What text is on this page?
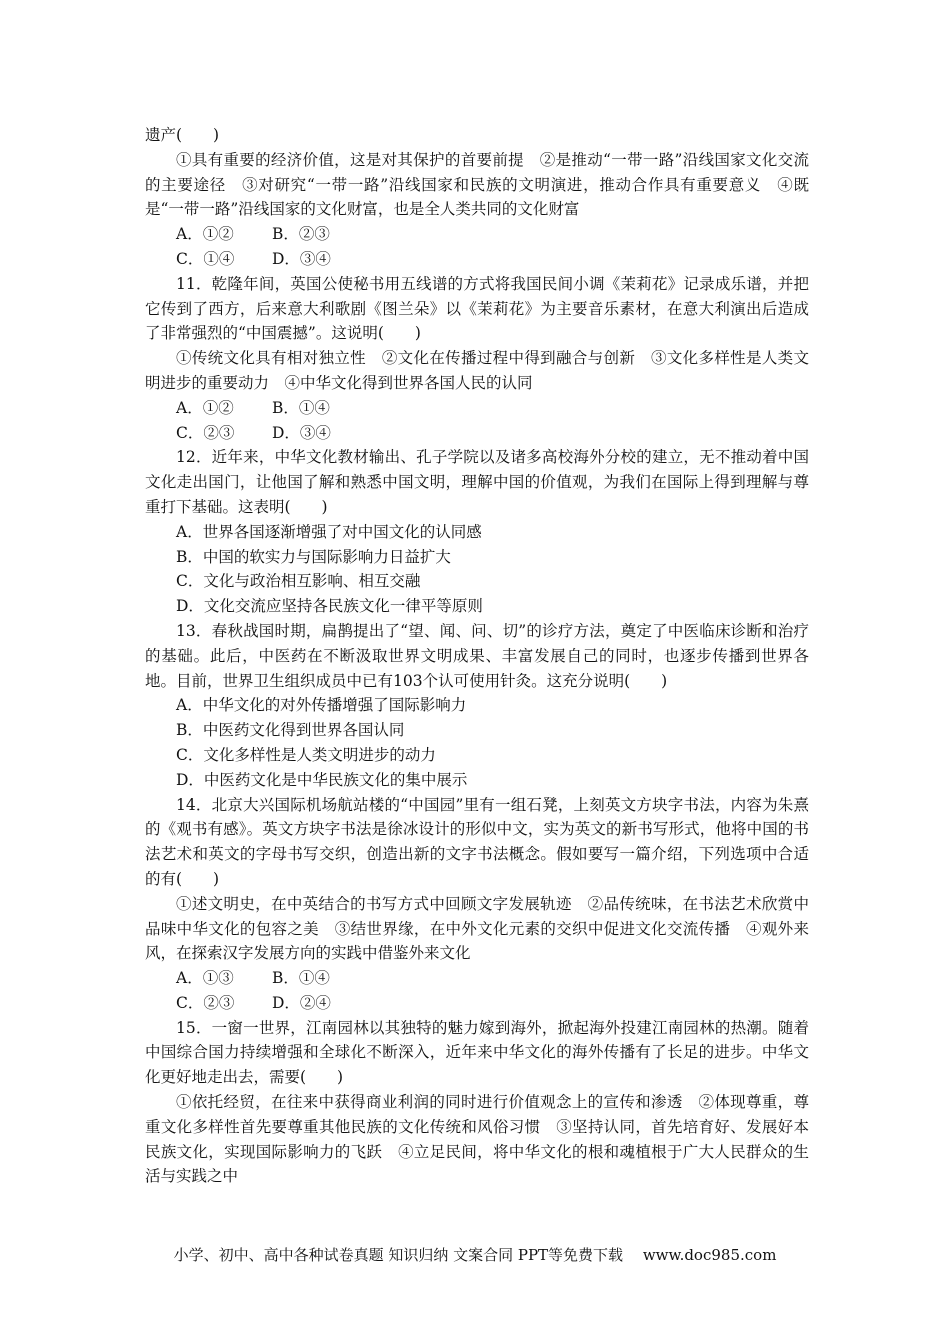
遗产(　　)

①具有重要的经济价值，这是对其保护的首要前提　②是推动“一带一路”沿线国家文化交流的主要途径　③对研究“一带一路”沿线国家和民族的文明演进，推动合作具有重要意义　④既是“一带一路”沿线国家的文化财富，也是全人类共同的文化财富

A．①②	B．②③
C．①④	D．③④

11．乾隆年间，英国公使秘书用五线谱的方式将我国民间小调《茉莉花》记录成乐谱，并把它传到了西方，后来意大利歌剧《图兰朵》以《茉莉花》为主要音乐素材，在意大利演出后造成了非常强烈的“中国震撼”。这说明(　　)

①传统文化具有相对独立性　②文化在传播过程中得到融合与创新　③文化多样性是人类文明进步的重要动力　④中华文化得到世界各国人民的认同

A．①②	B．①④
C．②③	D．③④

12．近年来，中华文化教材输出、孔子学院以及诸多高校海外分校的建立，无不推动着中国文化走出国门，让他国了解和熟悉中国文明，理解中国的价值观，为我们在国际上得到理解与尊重打下基础。这表明(　　)

A．世界各国逐渐增强了对中国文化的认同感

B．中国的软实力与国际影响力日益扩大

C．文化与政治相互影响、相互交融

D．文化交流应坚持各民族文化一律平等原则

13．春秋战国时期，扁鹊提出了“望、闻、问、切”的诊疗方法，奠定了中医临床诊断和治疗的基础。此后，中医药在不断汲取世界文明成果、丰富发展自己的同时，也逐步传播到世界各地。目前，世界卫生组织成员中已有103个认可使用针灸。这充分说明(　　)

A．中华文化的对外传播增强了国际影响力

B．中医药文化得到世界各国认同

C．文化多样性是人类文明进步的动力

D．中医药文化是中华民族文化的集中展示

14．北京大兴国际机场航站楼的“中国园”里有一组石凳，上刻英文方块字书法，内容为朱熹的《观书有感》。英文方块字书法是徐冰设计的形似中文，实为英文的新书写形式，他将中国的书法艺术和英文的字母书写交织，创造出新的文字书法概念。假如要写一篇介绍，下列选项中合适的有(　　)

①述文明史，在中英结合的书写方式中回顾文字发展轨迹　②品传统味，在书法艺术欣赏中品味中华文化的包容之美　③结世界缘，在中外文化元素的交织中促进文化交流传播　④观外来风，在探索汉字发展方向的实践中借鉴外来文化

A．①③	B．①④
C．②③	D．②④

15．一窗一世界，江南园林以其独特的魅力嫁到海外，掀起海外投建江南园林的热潮。随着中国综合国力持续增强和全球化不断深入，近年来中华文化的海外传播有了长足的进步。中华文化更好地走出去，需要(　　)

①依托经贸，在往来中获得商业利润的同时进行价值观念上的宣传和渗透　②体现尊重，尊重文化多样性首先要尊重其他民族的文化传统和风俗习惯　③坚持认同，首先培育好、发展好本民族文化，实现国际影响力的飞跃　④立足民间，将中华文化的根和魂植根于广大人民群众的生活与实践之中

小学、初中、高中各种试卷真题 知识归纳 文案合同 PPT等免费下载　 www.doc985.com
